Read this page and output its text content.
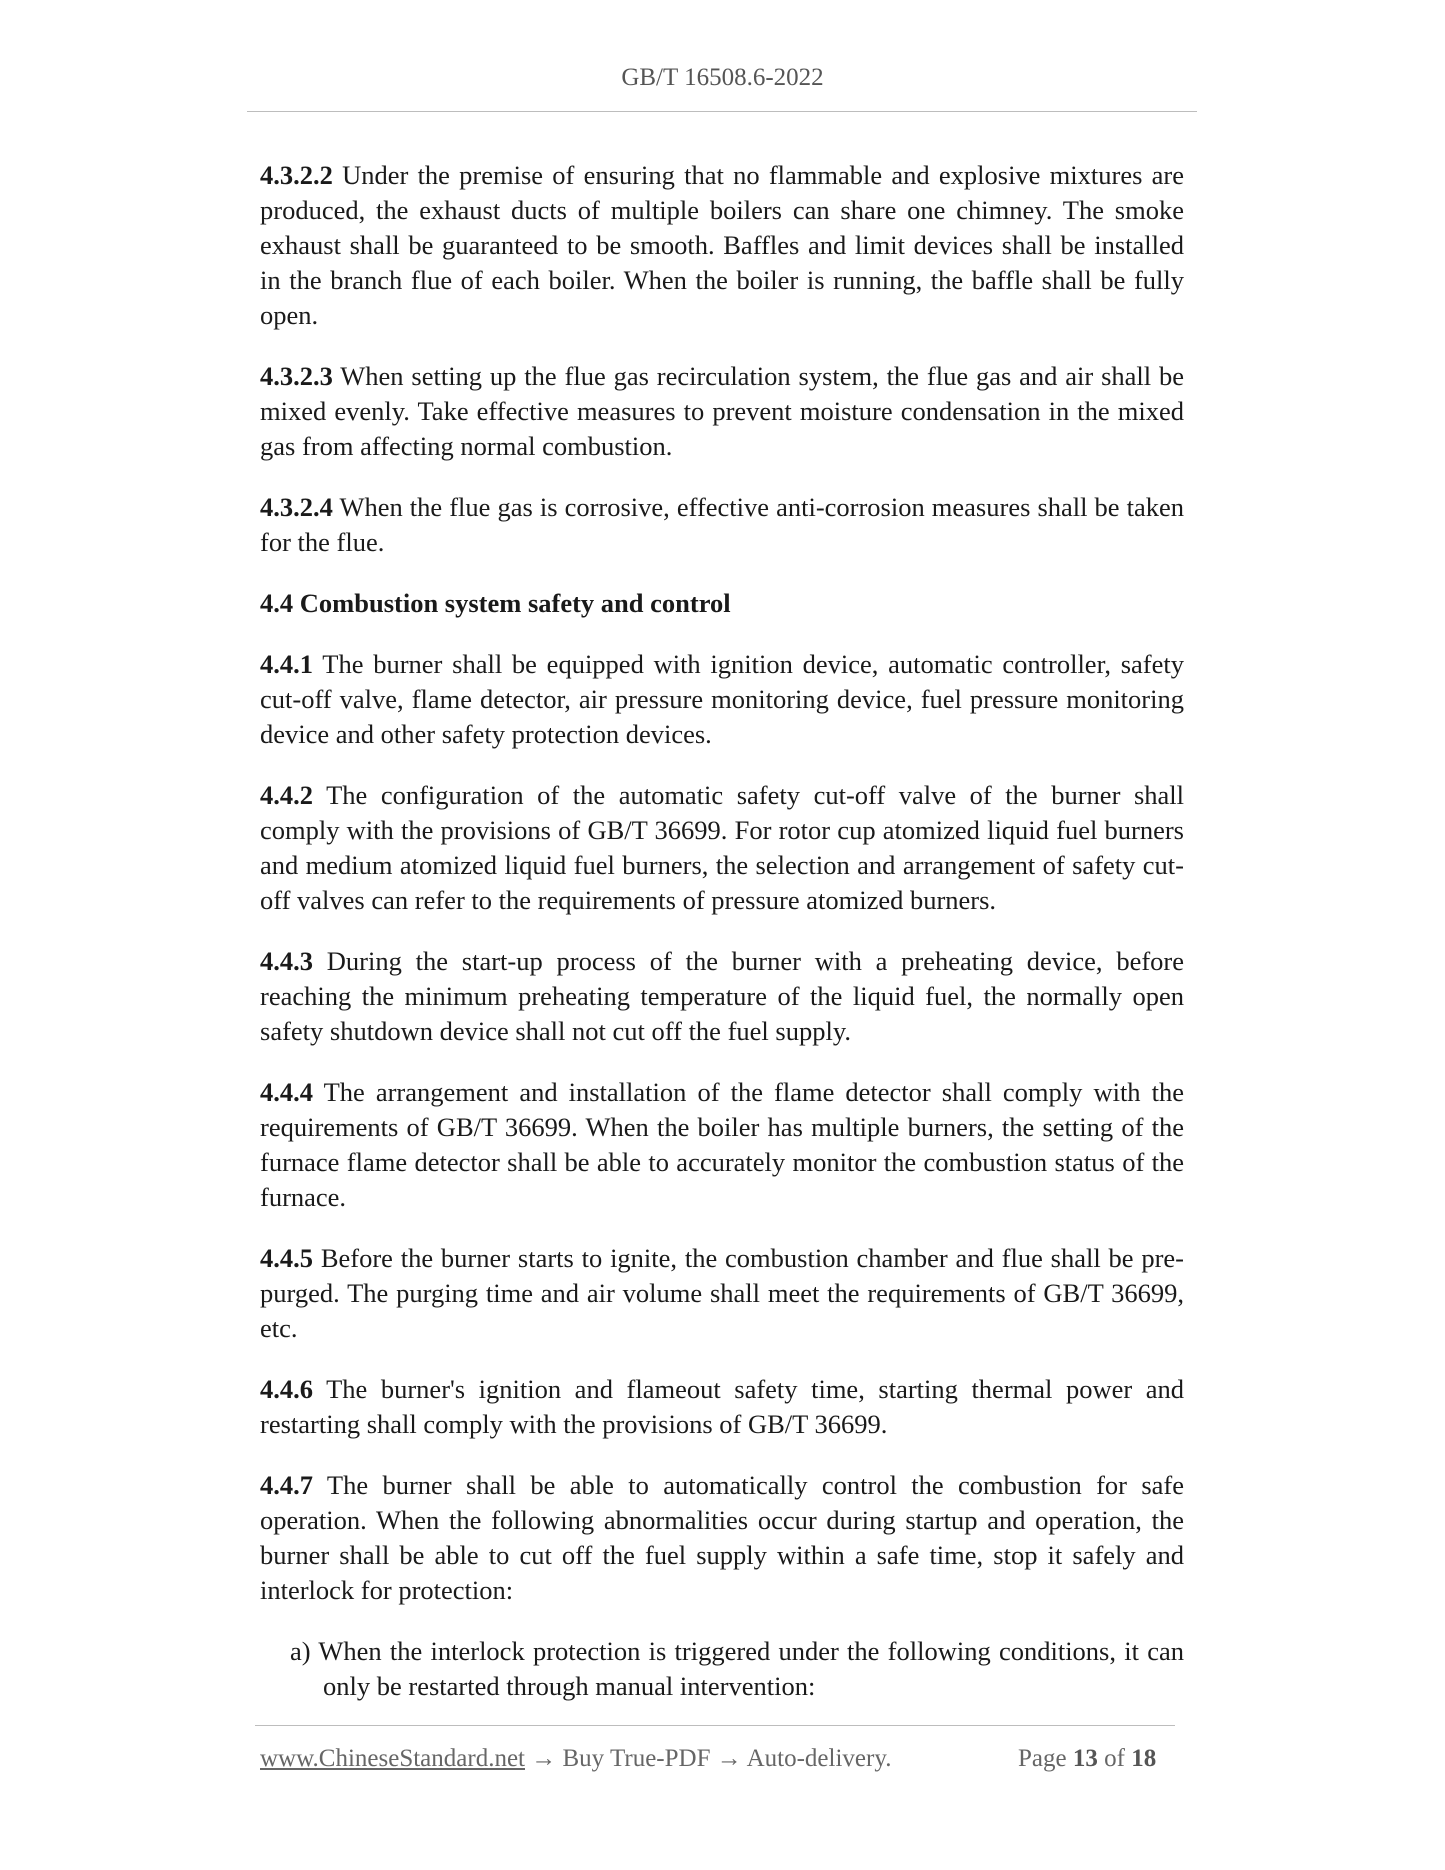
GB/T 16508.6-2022

4.3.2.2 Under the premise of ensuring that no flammable and explosive mixtures are produced, the exhaust ducts of multiple boilers can share one chimney. The smoke exhaust shall be guaranteed to be smooth. Baffles and limit devices shall be installed in the branch flue of each boiler. When the boiler is running, the baffle shall be fully open.

4.3.2.3 When setting up the flue gas recirculation system, the flue gas and air shall be mixed evenly. Take effective measures to prevent moisture condensation in the mixed gas from affecting normal combustion.

4.3.2.4 When the flue gas is corrosive, effective anti-corrosion measures shall be taken for the flue.

4.4 Combustion system safety and control

4.4.1 The burner shall be equipped with ignition device, automatic controller, safety cut-off valve, flame detector, air pressure monitoring device, fuel pressure monitoring device and other safety protection devices.

4.4.2 The configuration of the automatic safety cut-off valve of the burner shall comply with the provisions of GB/T 36699. For rotor cup atomized liquid fuel burners and medium atomized liquid fuel burners, the selection and arrangement of safety cut-off valves can refer to the requirements of pressure atomized burners.

4.4.3 During the start-up process of the burner with a preheating device, before reaching the minimum preheating temperature of the liquid fuel, the normally open safety shutdown device shall not cut off the fuel supply.

4.4.4 The arrangement and installation of the flame detector shall comply with the requirements of GB/T 36699. When the boiler has multiple burners, the setting of the furnace flame detector shall be able to accurately monitor the combustion status of the furnace.

4.4.5 Before the burner starts to ignite, the combustion chamber and flue shall be pre-purged. The purging time and air volume shall meet the requirements of GB/T 36699, etc.

4.4.6 The burner's ignition and flameout safety time, starting thermal power and restarting shall comply with the provisions of GB/T 36699.

4.4.7 The burner shall be able to automatically control the combustion for safe operation. When the following abnormalities occur during startup and operation, the burner shall be able to cut off the fuel supply within a safe time, stop it safely and interlock for protection:

a) When the interlock protection is triggered under the following conditions, it can only be restarted through manual intervention:

www.ChineseStandard.net → Buy True-PDF → Auto-delivery.	Page 13 of 18
